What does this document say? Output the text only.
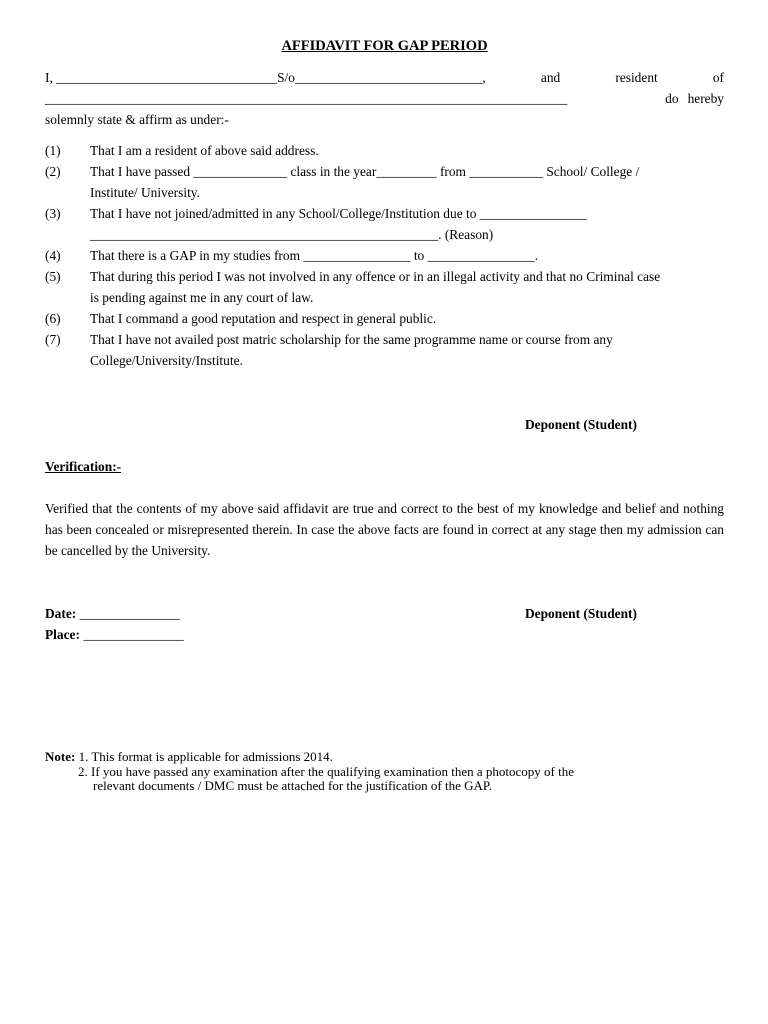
AFFIDAVIT FOR GAP PERIOD
I, _________________________________S/o____________________________,	and	resident	of
______________________________________________________________________________	do hereby
solemnly state & affirm as under:-
(1)	That I am a resident of above said address.
(2)	That I have passed ______________ class in the year_________ from ___________ School/ College / Institute/ University.
(3)	That I have not joined/admitted in any School/College/Institution due to ________________ ____________________________________________________. (Reason)
(4)	That there is a GAP in my studies from ________________ to ________________.
(5)	That during this period I was not involved in any offence or in an illegal activity and that no Criminal case is pending against me in any court of law.
(6)	That I command a good reputation and respect in general public.
(7)	That I have not availed post matric scholarship for the same programme name or course from any College/University/Institute.
Deponent (Student)
Verification:-
Verified that the contents of my above said affidavit are true and correct to the best of my knowledge and belief and nothing has been concealed or misrepresented therein. In case the above facts are found in correct at any stage then my admission can be cancelled by the University.
Date: _______________
Place: _______________
Deponent (Student)
Note: 1. This format is applicable for admissions 2014.
2. If you have passed any examination after the qualifying examination then a photocopy of the
relevant documents / DMC must be attached for the justification of the GAP.
